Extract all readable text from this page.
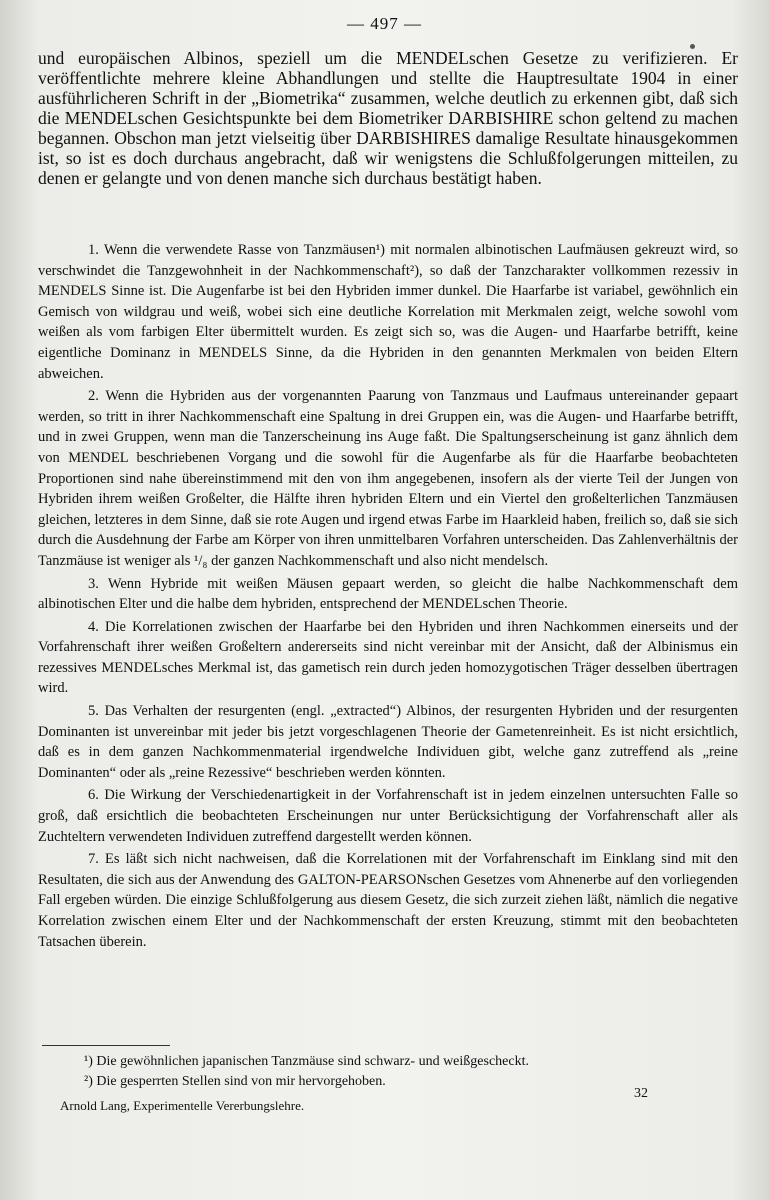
— 497 —

und europäischen Albinos, speziell um die MENDELschen Gesetze zu verifizieren. Er veröffentlichte mehrere kleine Abhandlungen und stellte die Hauptresultate 1904 in einer ausführlicheren Schrift in der „Biometrika“ zusammen, welche deutlich zu erkennen gibt, daß sich die MENDELschen Gesichtspunkte bei dem Biometriker DARBISHIRE schon geltend zu machen begannen. Obschon man jetzt vielseitig über DARBISHIRES damalige Resultate hinausgekommen ist, so ist es doch durchaus angebracht, daß wir wenigstens die Schlußfolgerungen mitteilen, zu denen er gelangte und von denen manche sich durchaus bestätigt haben.

1. Wenn die verwendete Rasse von Tanzmäusen¹) mit normalen albinotischen Laufmäusen gekreuzt wird, so verschwindet die Tanzgewohnheit in der Nachkommenschaft²), so daß der Tanzcharakter vollkommen rezessiv in MENDELS Sinne ist. Die Augenfarbe ist bei den Hybriden immer dunkel. Die Haarfarbe ist variabel, gewöhnlich ein Gemisch von wildgrau und weiß, wobei sich eine deutliche Korrelation mit Merkmalen zeigt, welche sowohl vom weißen als vom farbigen Elter übermittelt wurden. Es zeigt sich so, was die Augen- und Haarfarbe betrifft, keine eigentliche Dominanz in MENDELS Sinne, da die Hybriden in den genannten Merkmalen von beiden Eltern abweichen.

2. Wenn die Hybriden aus der vorgenannten Paarung von Tanzmaus und Laufmaus untereinander gepaart werden, so tritt in ihrer Nachkommenschaft eine Spaltung in drei Gruppen ein, was die Augen- und Haarfarbe betrifft, und in zwei Gruppen, wenn man die Tanzerscheinung ins Auge faßt. Die Spaltungserscheinung ist ganz ähnlich dem von MENDEL beschriebenen Vorgang und die sowohl für die Augenfarbe als für die Haarfarbe beobachteten Proportionen sind nahe übereinstimmend mit den von ihm angegebenen, insofern als der vierte Teil der Jungen von Hybriden ihrem weißen Großelter, die Hälfte ihren hybriden Eltern und ein Viertel den großelterlichen Tanzmäusen gleichen, letzteres in dem Sinne, daß sie rote Augen und irgend etwas Farbe im Haarkleid haben, freilich so, daß sie sich durch die Ausdehnung der Farbe am Körper von ihren unmittelbaren Vorfahren unterscheiden. Das Zahlenverhältnis der Tanzmäuse ist weniger als ¹/₈ der ganzen Nachkommenschaft und also nicht mendelsch.

3. Wenn Hybride mit weißen Mäusen gepaart werden, so gleicht die halbe Nachkommenschaft dem albinotischen Elter und die halbe dem hybriden, entsprechend der MENDELschen Theorie.

4. Die Korrelationen zwischen der Haarfarbe bei den Hybriden und ihren Nachkommen einerseits und der Vorfahrenschaft ihrer weißen Großeltern andererseits sind nicht vereinbar mit der Ansicht, daß der Albinismus ein rezessives MENDELsches Merkmal ist, das gametisch rein durch jeden homozygotischen Träger desselben übertragen wird.

5. Das Verhalten der resurgenten (engl. „extracted“) Albinos, der resurgenten Hybriden und der resurgenten Dominanten ist unvereinbar mit jeder bis jetzt vorgeschlagenen Theorie der Gametenreinheit. Es ist nicht ersichtlich, daß es in dem ganzen Nachkommenmaterial irgendwelche Individuen gibt, welche ganz zutreffend als „reine Dominanten“ oder als „reine Rezessive“ beschrieben werden könnten.

6. Die Wirkung der Verschiedenartigkeit in der Vorfahrenschaft ist in jedem einzelnen untersuchten Falle so groß, daß ersichtlich die beobachteten Erscheinungen nur unter Berücksichtigung der Vorfahrenschaft aller als Zuchteltern verwendeten Individuen zutreffend dargestellt werden können.

7. Es läßt sich nicht nachweisen, daß die Korrelationen mit der Vorfahrenschaft im Einklang sind mit den Resultaten, die sich aus der Anwendung des GALTON-PEARSONschen Gesetzes vom Ahnenerbe auf den vorliegenden Fall ergeben würden. Die einzige Schlußfolgerung aus diesem Gesetz, die sich zurzeit ziehen läßt, nämlich die negative Korrelation zwischen einem Elter und der Nachkommenschaft der ersten Kreuzung, stimmt mit den beobachteten Tatsachen überein.

¹) Die gewöhnlichen japanischen Tanzmäuse sind schwarz- und weißgescheckt.

²) Die gesperrten Stellen sind von mir hervorgehoben.

Arnold Lang, Experimentelle Vererbungslehre.
32
